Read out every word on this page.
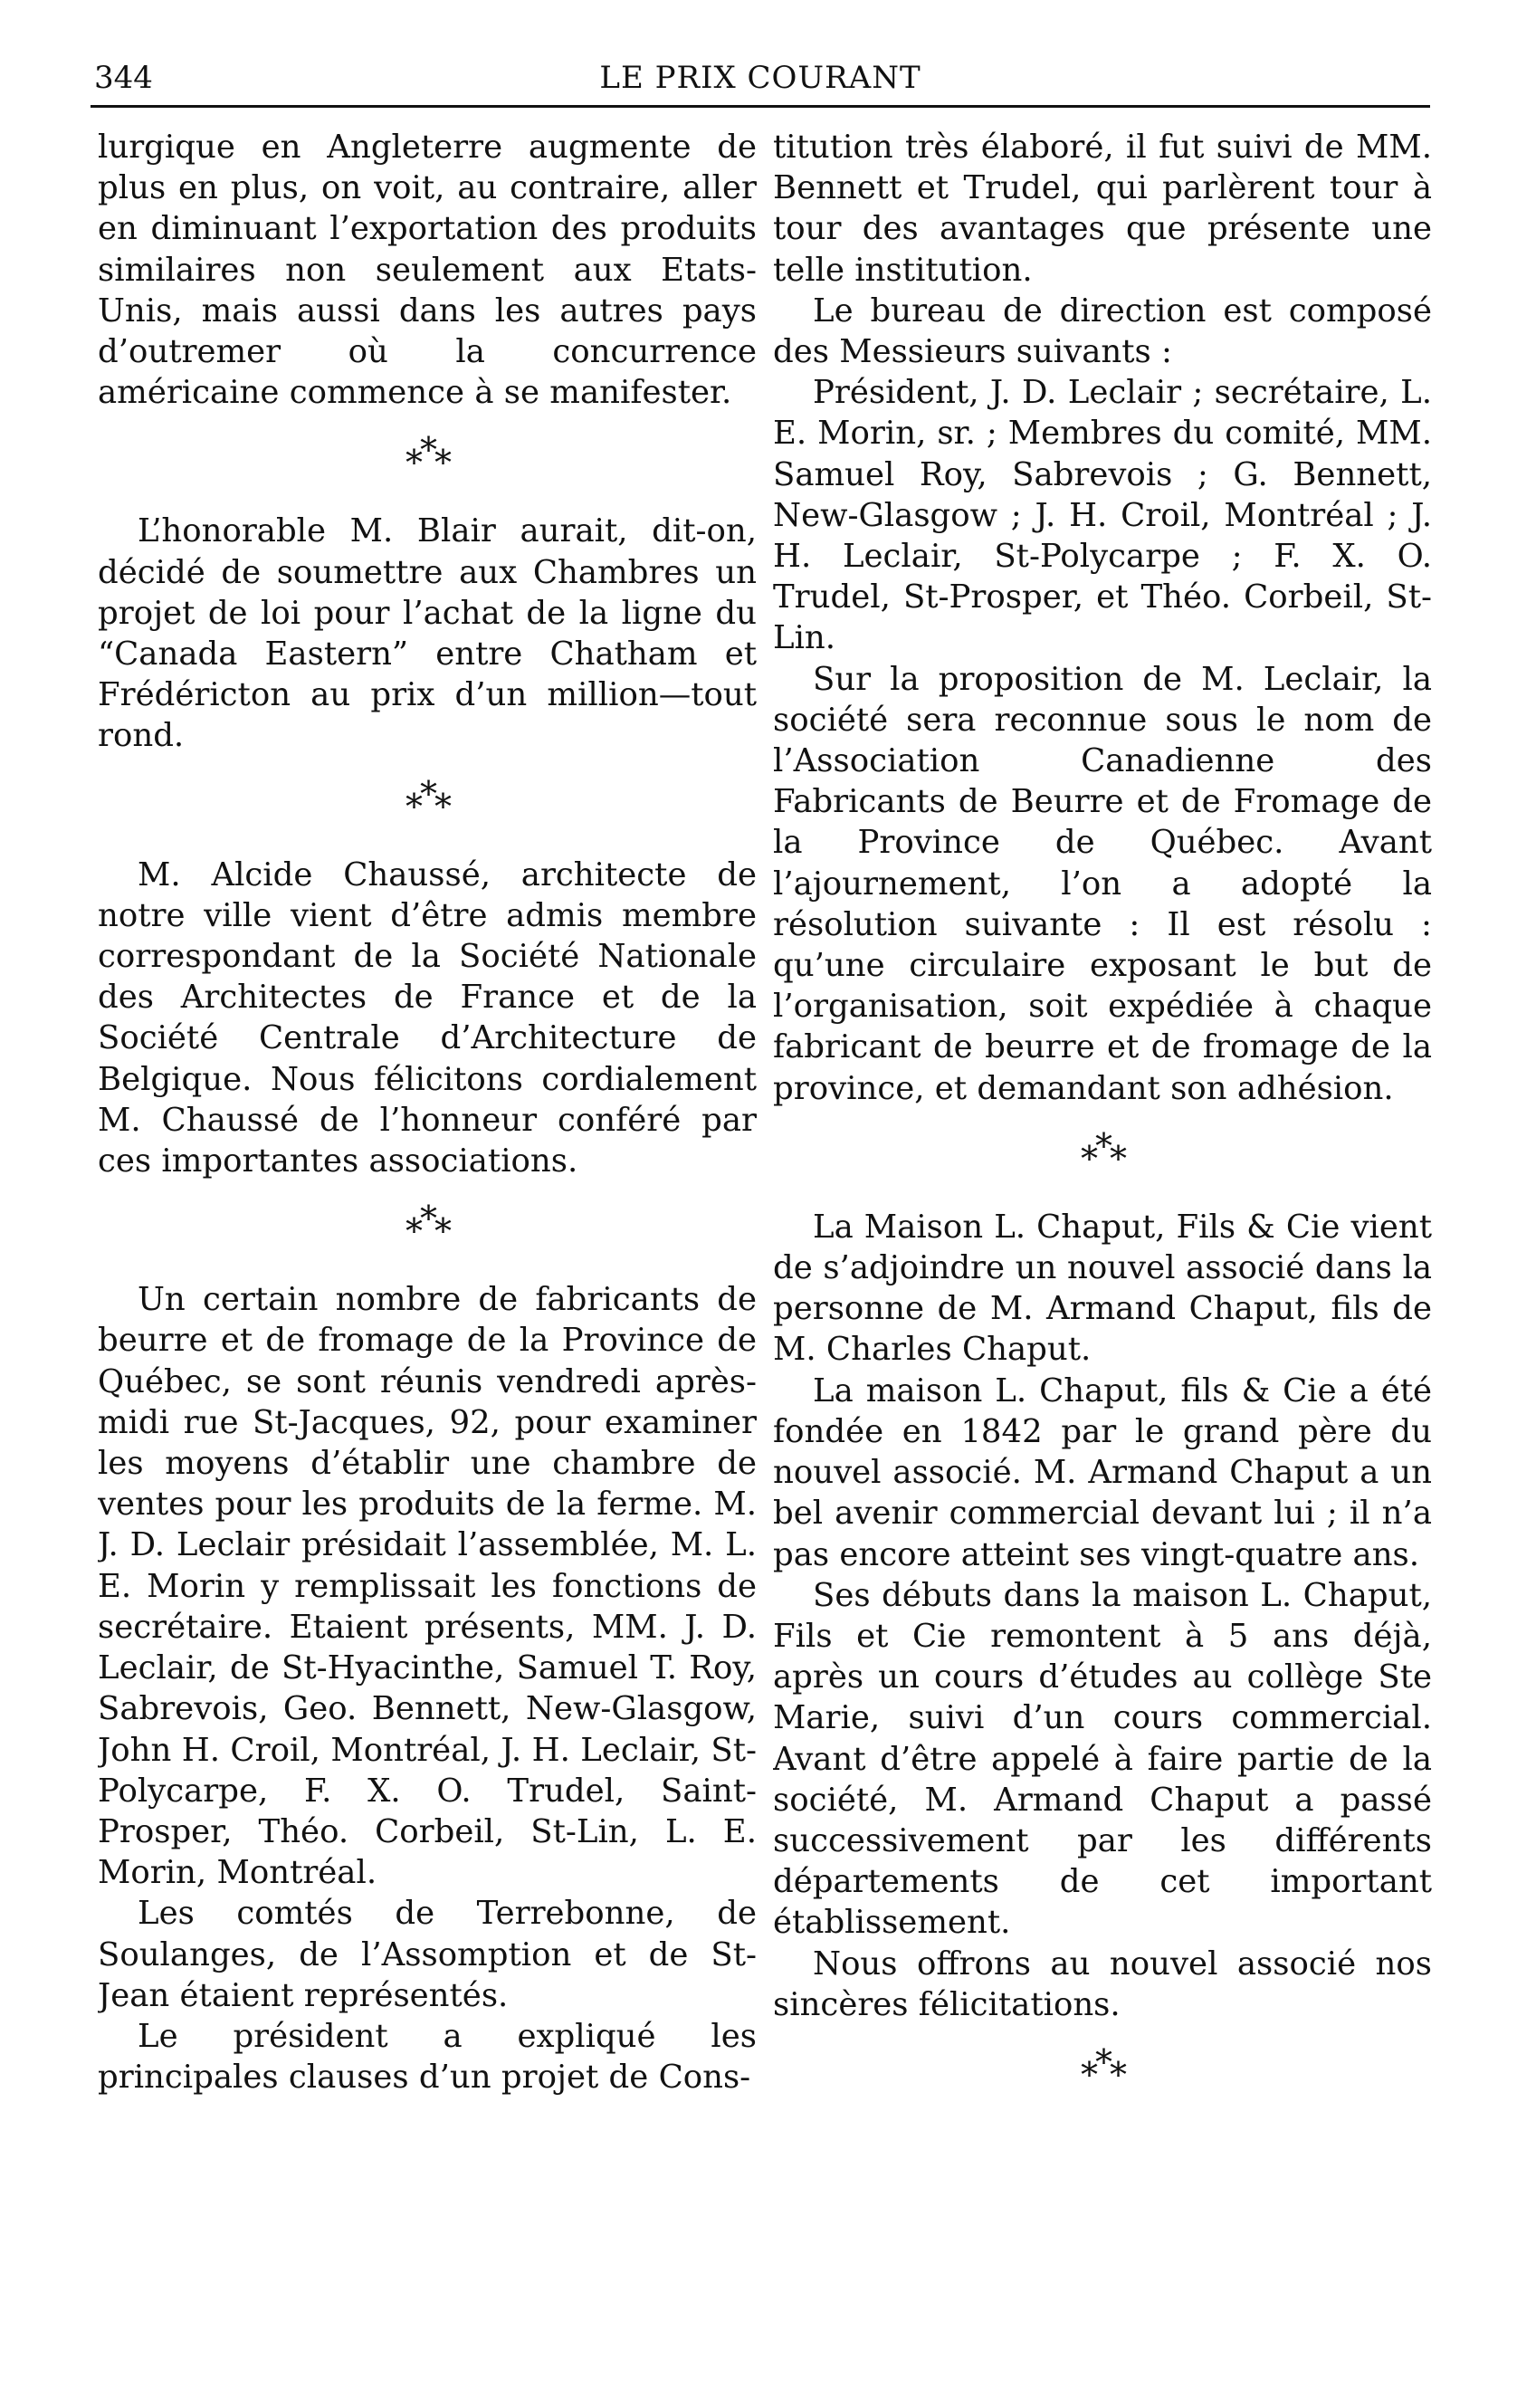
344	LE PRIX COURANT

lurgique en Angleterre augmente de plus en plus, on voit, au contraire, aller en diminuant l’exportation des produits similaires non seulement aux Etats-Unis, mais aussi dans les autres pays d’outremer où la concurrence américaine commence à se manifester.

***

L’honorable M. Blair aurait, dit-on, décidé de soumettre aux Chambres un projet de loi pour l’achat de la ligne du “Canada Eastern” entre Chatham et Frédéricton au prix d’un million—tout rond.

***

M. Alcide Chaussé, architecte de notre ville vient d’être admis membre correspondant de la Société Nationale des Architectes de France et de la Société Centrale d’Architecture de Belgique. Nous félicitons cordialement M. Chaussé de l’honneur conféré par ces importantes associations.

***

Un certain nombre de fabricants de beurre et de fromage de la Province de Québec, se sont réunis vendredi après-midi rue St-Jacques, 92, pour examiner les moyens d’établir une chambre de ventes pour les produits de la ferme. M. J. D. Leclair présidait l’assemblée, M. L. E. Morin y remplissait les fonctions de secrétaire. Etaient présents, MM. J. D. Leclair, de St-Hyacinthe, Samuel T. Roy, Sabrevois, Geo. Bennett, New-Glasgow, John H. Croil, Montréal, J. H. Leclair, St-Polycarpe, F. X. O. Trudel, Saint-Prosper, Théo. Corbeil, St-Lin, L. E. Morin, Montréal.

Les comtés de Terrebonne, de Soulanges, de l’Assomption et de St-Jean étaient représentés.

Le président a expliqué les principales clauses d’un projet de Cons-

titution très élaboré, il fut suivi de MM. Bennett et Trudel, qui parlèrent tour à tour des avantages que présente une telle institution.

Le bureau de direction est composé des Messieurs suivants :

Président, J. D. Leclair ; secrétaire, L. E. Morin, sr. ; Membres du comité, MM. Samuel Roy, Sabrevois ; G. Bennett, New-Glasgow ; J. H. Croil, Montréal ; J. H. Leclair, St-Polycarpe ; F. X. O. Trudel, St-Prosper, et Théo. Corbeil, St-Lin.

Sur la proposition de M. Leclair, la société sera reconnue sous le nom de l’Association Canadienne des Fabricants de Beurre et de Fromage de la Province de Québec. Avant l’ajournement, l’on a adopté la résolution suivante : Il est résolu : qu’une circulaire exposant le but de l’organisation, soit expédiée à chaque fabricant de beurre et de fromage de la province, et demandant son adhésion.

***

La Maison L. Chaput, Fils & Cie vient de s’adjoindre un nouvel associé dans la personne de M. Armand Chaput, fils de M. Charles Chaput.

La maison L. Chaput, fils & Cie a été fondée en 1842 par le grand père du nouvel associé. M. Armand Chaput a un bel avenir commercial devant lui ; il n’a pas encore atteint ses vingt-quatre ans.

Ses débuts dans la maison L. Chaput, Fils et Cie remontent à 5 ans déjà, après un cours d’études au collège Ste Marie, suivi d’un cours commercial. Avant d’être appelé à faire partie de la société, M. Armand Chaput a passé successivement par les différents départements de cet important établissement.

Nous offrons au nouvel associé nos sincères félicitations.

***
